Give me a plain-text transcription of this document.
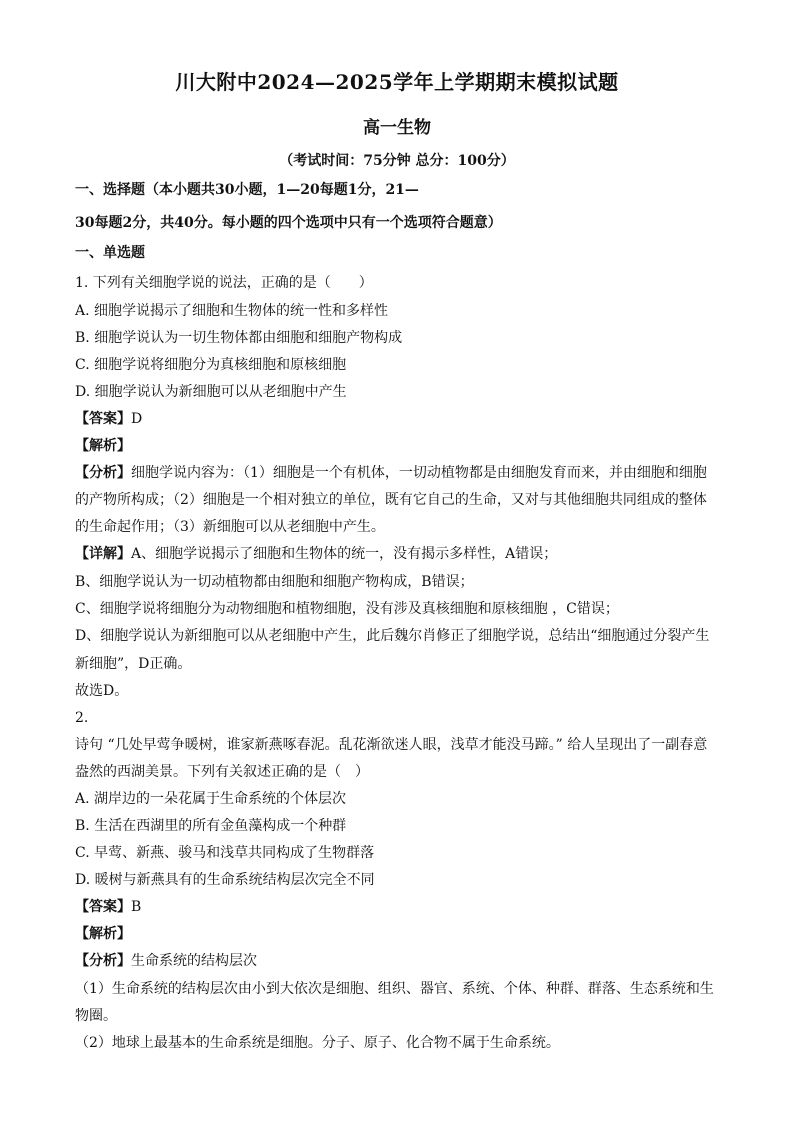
川大附中2024—2025学年上学期期末模拟试题
高一生物
（考试时间：75分钟 总分：100分）
一、选择题（本小题共30小题，1—20每题1分，21—
30每题2分，共40分。每小题的四个选项中只有一个选项符合题意）
一、单选题
1. 下列有关细胞学说的说法，正确的是（　　）
A. 细胞学说揭示了细胞和生物体的统一性和多样性
B. 细胞学说认为一切生物体都由细胞和细胞产物构成
C. 细胞学说将细胞分为真核细胞和原核细胞
D. 细胞学说认为新细胞可以从老细胞中产生
【答案】D
【解析】
【分析】细胞学说内容为：（1）细胞是一个有机体，一切动植物都是由细胞发育而来，并由细胞和细胞
的产物所构成；（2）细胞是一个相对独立的单位，既有它自己的生命，又对与其他细胞共同组成的整体
的生命起作用；（3）新细胞可以从老细胞中产生。
【详解】A、细胞学说揭示了细胞和生物体的统一，没有揭示多样性，A错误；
B、细胞学说认为一切动植物都由细胞和细胞产物构成，B错误；
C、细胞学说将细胞分为动物细胞和植物细胞，没有涉及真核细胞和原核细胞 ，C错误；
D、细胞学说认为新细胞可以从老细胞中产生，此后魏尔肖修正了细胞学说，总结出“细胞通过分裂产生
新细胞”，D正确。
故选D。
2.
诗句 “几处早莺争暖树，谁家新燕啄春泥。乱花渐欲迷人眼，浅草才能没马蹄。” 给人呈现出了一副春意
盎然的西湖美景。下列有关叙述正确的是（　）
A. 湖岸边的一朵花属于生命系统的个体层次
B. 生活在西湖里的所有金鱼藻构成一个种群
C. 早莺、新燕、骏马和浅草共同构成了生物群落
D. 暖树与新燕具有的生命系统结构层次完全不同
【答案】B
【解析】
【分析】生命系统的结构层次
（1）生命系统的结构层次由小到大依次是细胞、组织、器官、系统、个体、种群、群落、生态系统和生
物圈。
（2）地球上最基本的生命系统是细胞。分子、原子、化合物不属于生命系统。
